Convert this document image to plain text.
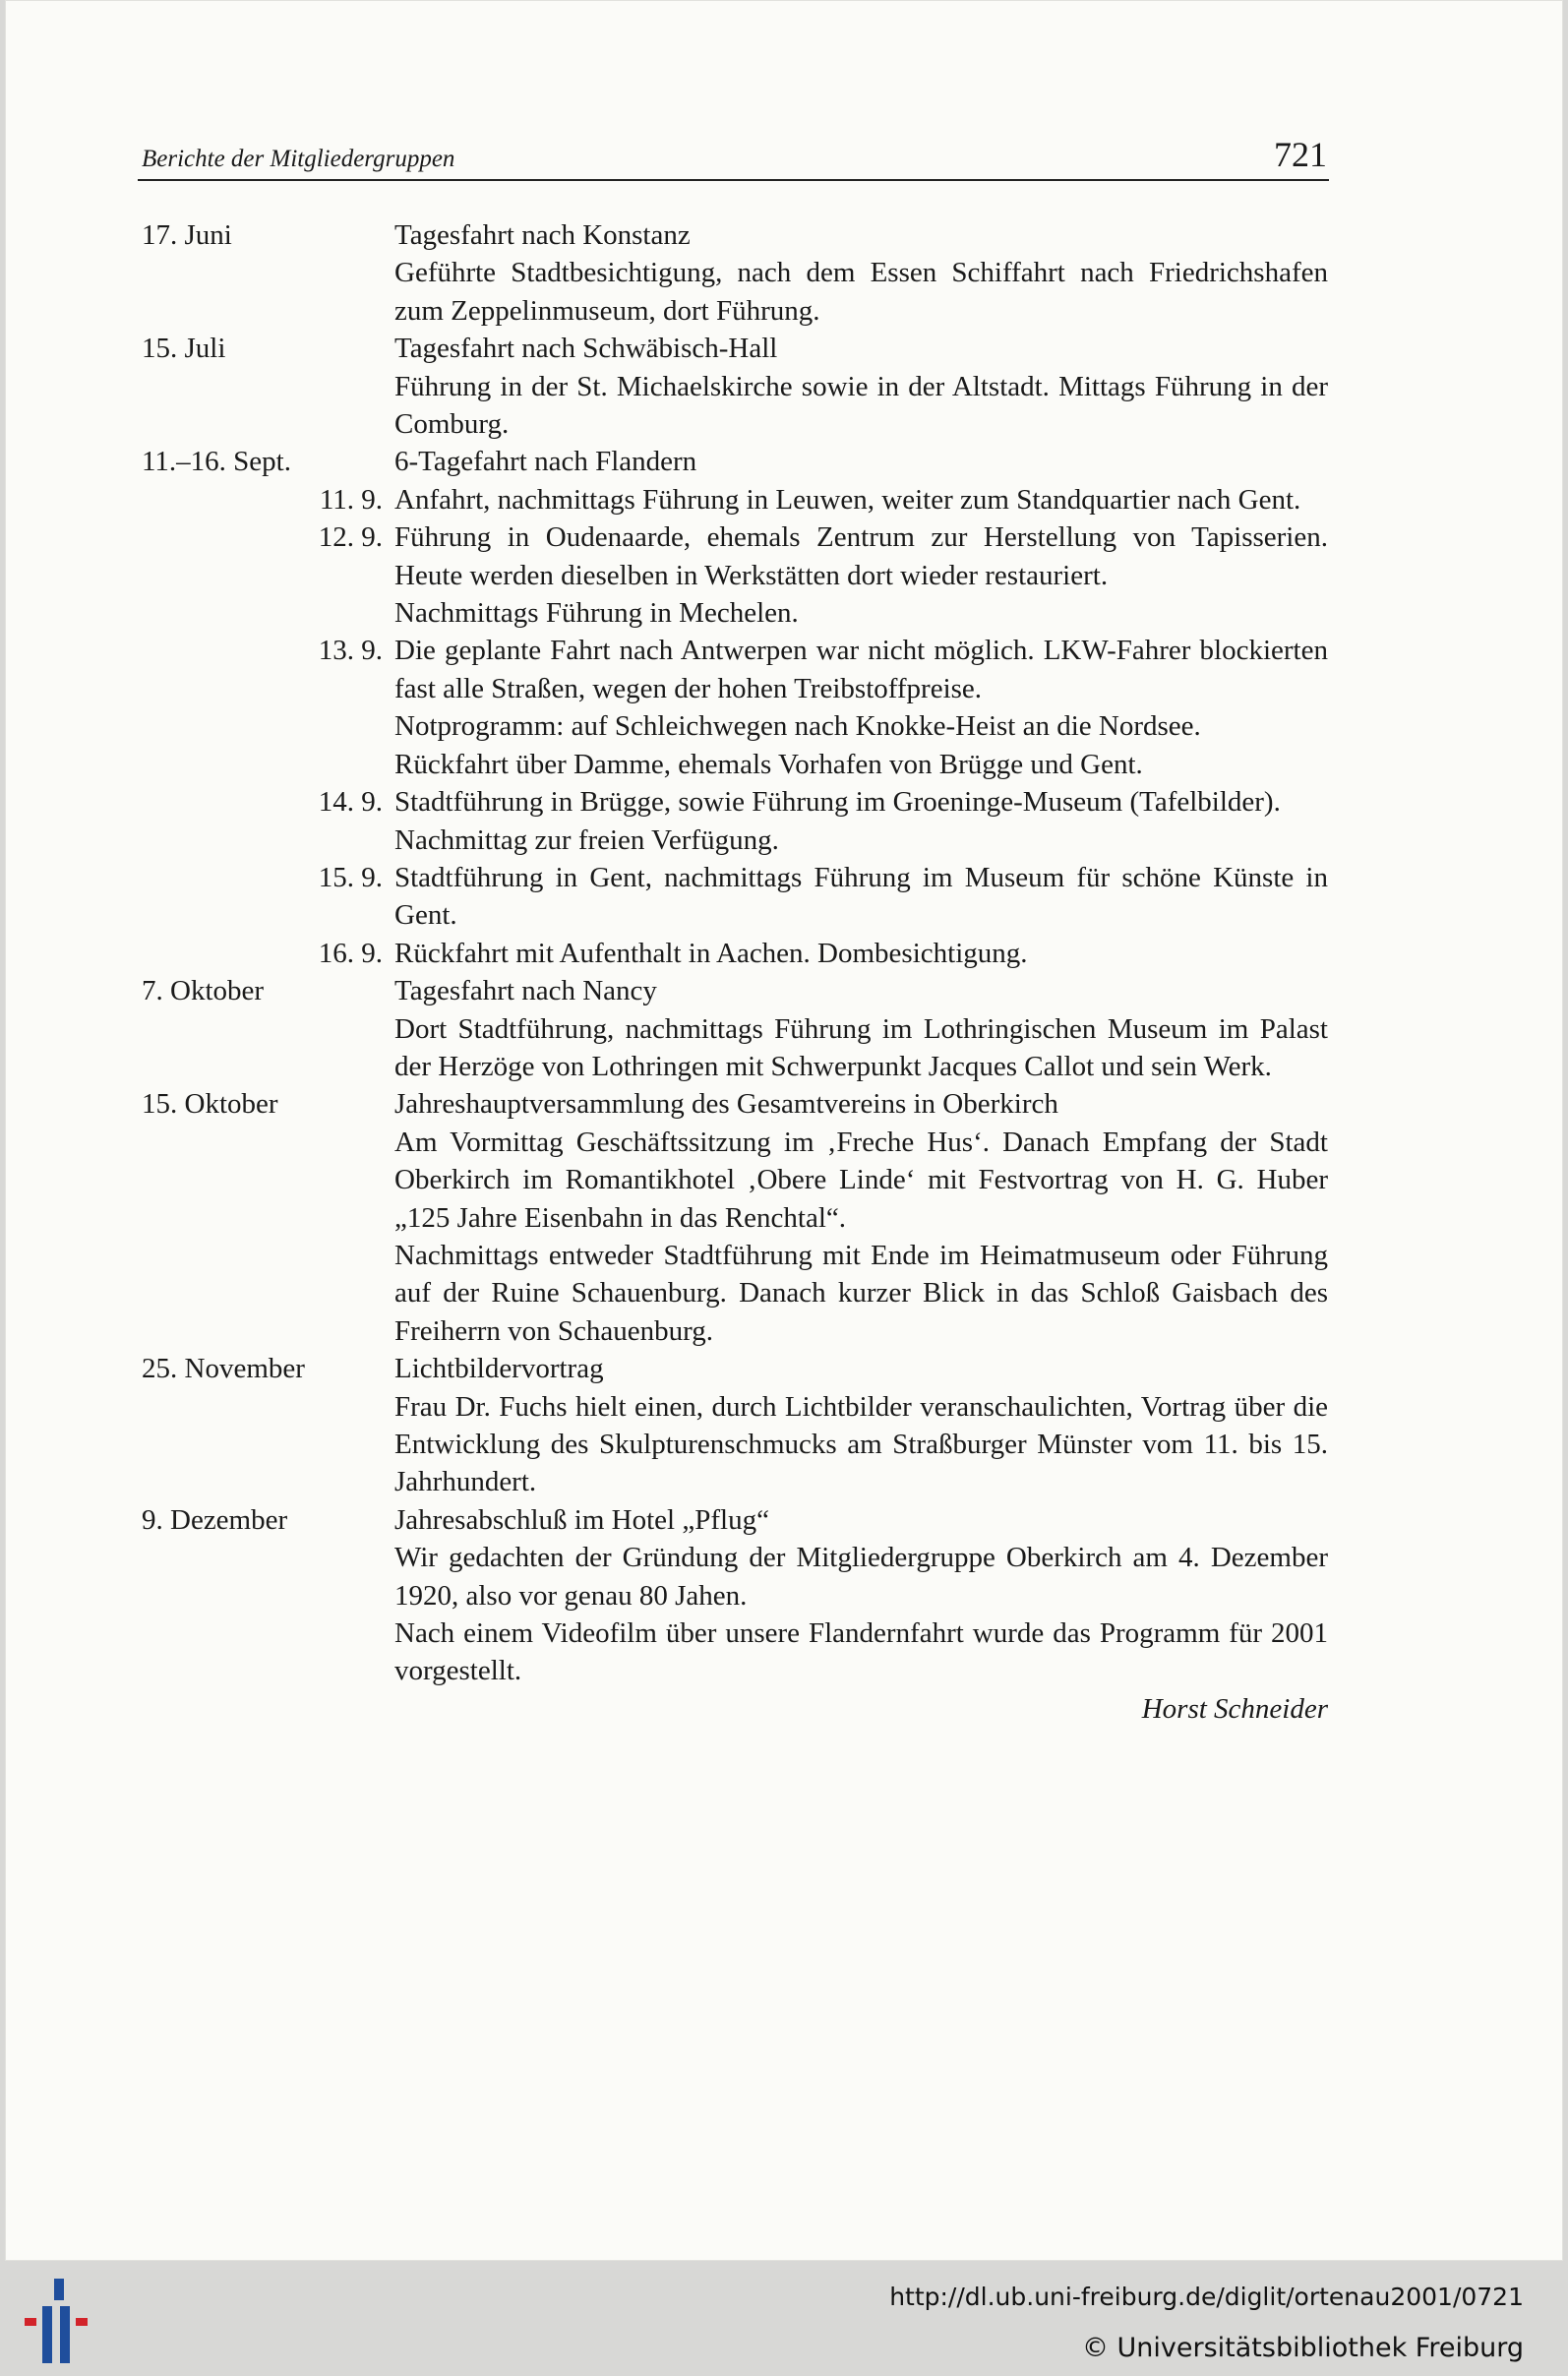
Berichte der Mitgliedergruppen	721
17. Juni	Tagesfahrt nach Konstanz

Geführte Stadtbesichtigung, nach dem Essen Schiffahrt nach Friedrichshafen zum Zeppelinmuseum, dort Führung.

15. Juli	Tagesfahrt nach Schwäbisch-Hall

Führung in der St. Michaelskirche sowie in der Altstadt. Mittags Führung in der Comburg.

11.–16. Sept.	6-Tagefahrt nach Flandern

11. 9. Anfahrt, nachmittags Führung in Leuwen, weiter zum Standquartier nach Gent.

12. 9. Führung in Oudenaarde, ehemals Zentrum zur Herstellung von Tapisserien. Heute werden dieselben in Werkstätten dort wieder restauriert.

Nachmittags Führung in Mechelen.

13. 9. Die geplante Fahrt nach Antwerpen war nicht möglich. LKW-Fahrer blockierten fast alle Straßen, wegen der hohen Treibstoffpreise.

Notprogramm: auf Schleichwegen nach Knokke-Heist an die Nordsee.

Rückfahrt über Damme, ehemals Vorhafen von Brügge und Gent.

14. 9. Stadtführung in Brügge, sowie Führung im Groeninge-Museum (Tafelbilder).

Nachmittag zur freien Verfügung.

15. 9. Stadtführung in Gent, nachmittags Führung im Museum für schöne Künste in Gent.

16. 9. Rückfahrt mit Aufenthalt in Aachen. Dombesichtigung.

7. Oktober	Tagesfahrt nach Nancy

Dort Stadtführung, nachmittags Führung im Lothringischen Museum im Palast der Herzöge von Lothringen mit Schwerpunkt Jacques Callot und sein Werk.

15. Oktober	Jahreshauptversammlung des Gesamtvereins in Oberkirch

Am Vormittag Geschäftssitzung im ‚Freche Hus‘. Danach Empfang der Stadt Oberkirch im Romantikhotel ‚Obere Linde‘ mit Festvortrag von H. G. Huber „125 Jahre Eisenbahn in das Renchtal“.

Nachmittags entweder Stadtführung mit Ende im Heimatmuseum oder Führung auf der Ruine Schauenburg. Danach kurzer Blick in das Schloß Gaisbach des Freiherrn von Schauenburg.

25. November	Lichtbildervortrag

Frau Dr. Fuchs hielt einen, durch Lichtbilder veranschaulichten, Vortrag über die Entwicklung des Skulpturenschmucks am Straßburger Münster vom 11. bis 15. Jahrhundert.

9. Dezember	Jahresabschluß im Hotel „Pflug“

Wir gedachten der Gründung der Mitgliedergruppe Oberkirch am 4. Dezember 1920, also vor genau 80 Jahen.

Nach einem Videofilm über unsere Flandernfahrt wurde das Programm für 2001 vorgestellt.

Horst Schneider
http://dl.ub.uni-freiburg.de/diglit/ortenau2001/0721
© Universitätsbibliothek Freiburg
